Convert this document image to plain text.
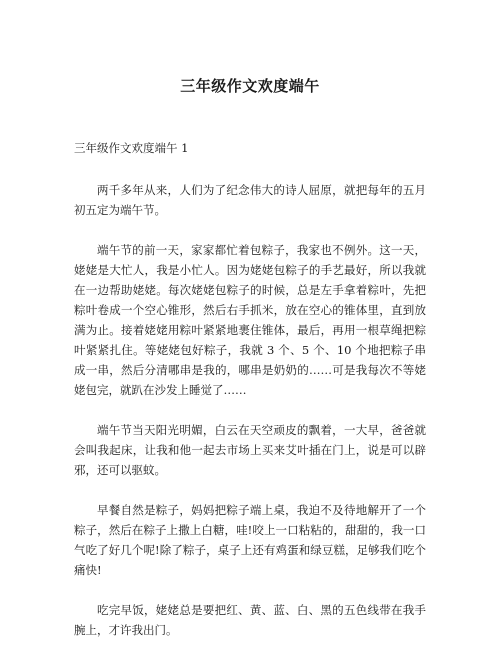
三年级作文欢度端午

三年级作文欢度端午 1

两千多年从来，人们为了纪念伟大的诗人屈原，就把每年的五月初五定为端午节。

端午节的前一天，家家都忙着包粽子，我家也不例外。这一天，姥姥是大忙人，我是小忙人。因为姥姥包粽子的手艺最好，所以我就在一边帮助姥姥。每次姥姥包粽子的时候，总是左手拿着粽叶，先把粽叶卷成一个空心锥形，然后右手抓米，放在空心的锥体里，直到放满为止。接着姥姥用粽叶紧紧地裹住锥体，最后，再用一根草绳把粽叶紧紧扎住。等姥姥包好粽子，我就 3 个、5 个、10 个地把粽子串成一串，然后分清哪串是我的，哪串是奶奶的……可是我每次不等姥姥包完，就趴在沙发上睡觉了……

端午节当天阳光明媚，白云在天空顽皮的飘着，一大早，爸爸就会叫我起床，让我和他一起去市场上买来艾叶插在门上，说是可以辟邪，还可以驱蚊。

早餐自然是粽子，妈妈把粽子端上桌，我迫不及待地解开了一个粽子，然后在粽子上撒上白糖，哇!咬上一口粘粘的，甜甜的，我一口气吃了好几个呢!除了粽子，桌子上还有鸡蛋和绿豆糕，足够我们吃个痛快!

吃完早饭，姥姥总是要把红、黄、蓝、白、黑的五色线带在我手腕上，才许我出门。
